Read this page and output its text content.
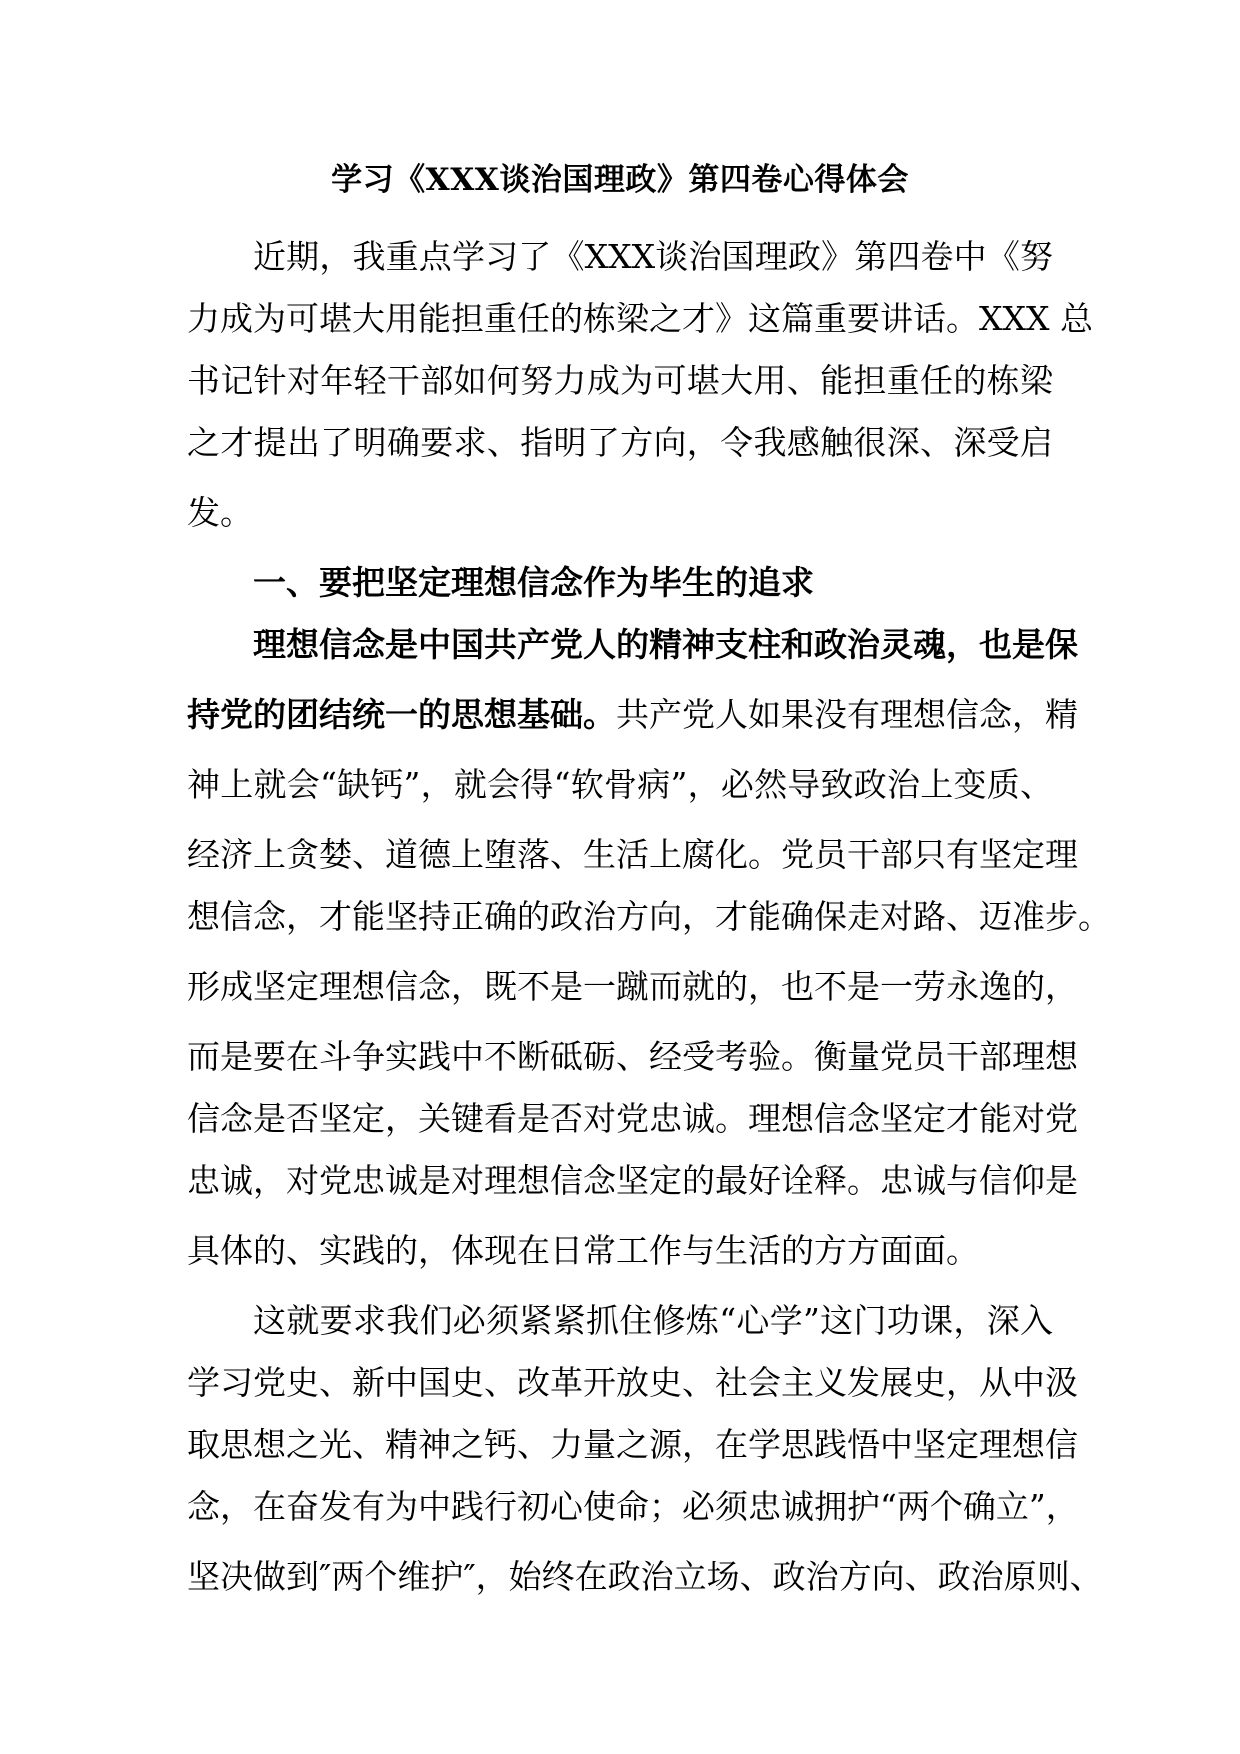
学习《XXX谈治国理政》第四卷心得体会
近期，我重点学习了《XXX谈治国理政》第四卷中《努
力成为可堪大用能担重任的栋梁之才》这篇重要讲话。XXX 总
书记针对年轻干部如何努力成为可堪大用、能担重任的栋梁
之才提出了明确要求、指明了方向，令我感触很深、深受启
发。
一、要把坚定理想信念作为毕生的追求
理想信念是中国共产党人的精神支柱和政治灵魂，也是保
持党的团结统一的思想基础。共产党人如果没有理想信念，精
神上就会“缺钙”，就会得“软骨病”，必然导致政治上变质、
经济上贪婪、道德上堕落、生活上腐化。党员干部只有坚定理
想信念，才能坚持正确的政治方向，才能确保走对路、迈准步。
形成坚定理想信念，既不是一蹴而就的，也不是一劳永逸的，
而是要在斗争实践中不断砥砺、经受考验。衡量党员干部理想
信念是否坚定，关键看是否对党忠诚。理想信念坚定才能对党
忠诚，对党忠诚是对理想信念坚定的最好诠释。忠诚与信仰是
具体的、实践的，体现在日常工作与生活的方方面面。
这就要求我们必须紧紧抓住修炼“心学”这门功课，深入
学习党史、新中国史、改革开放史、社会主义发展史，从中汲
取思想之光、精神之钙、力量之源，在学思践悟中坚定理想信
念，在奋发有为中践行初心使命；必须忠诚拥护“两个确立”，
坚决做到″两个维护″，始终在政治立场、政治方向、政治原则、
